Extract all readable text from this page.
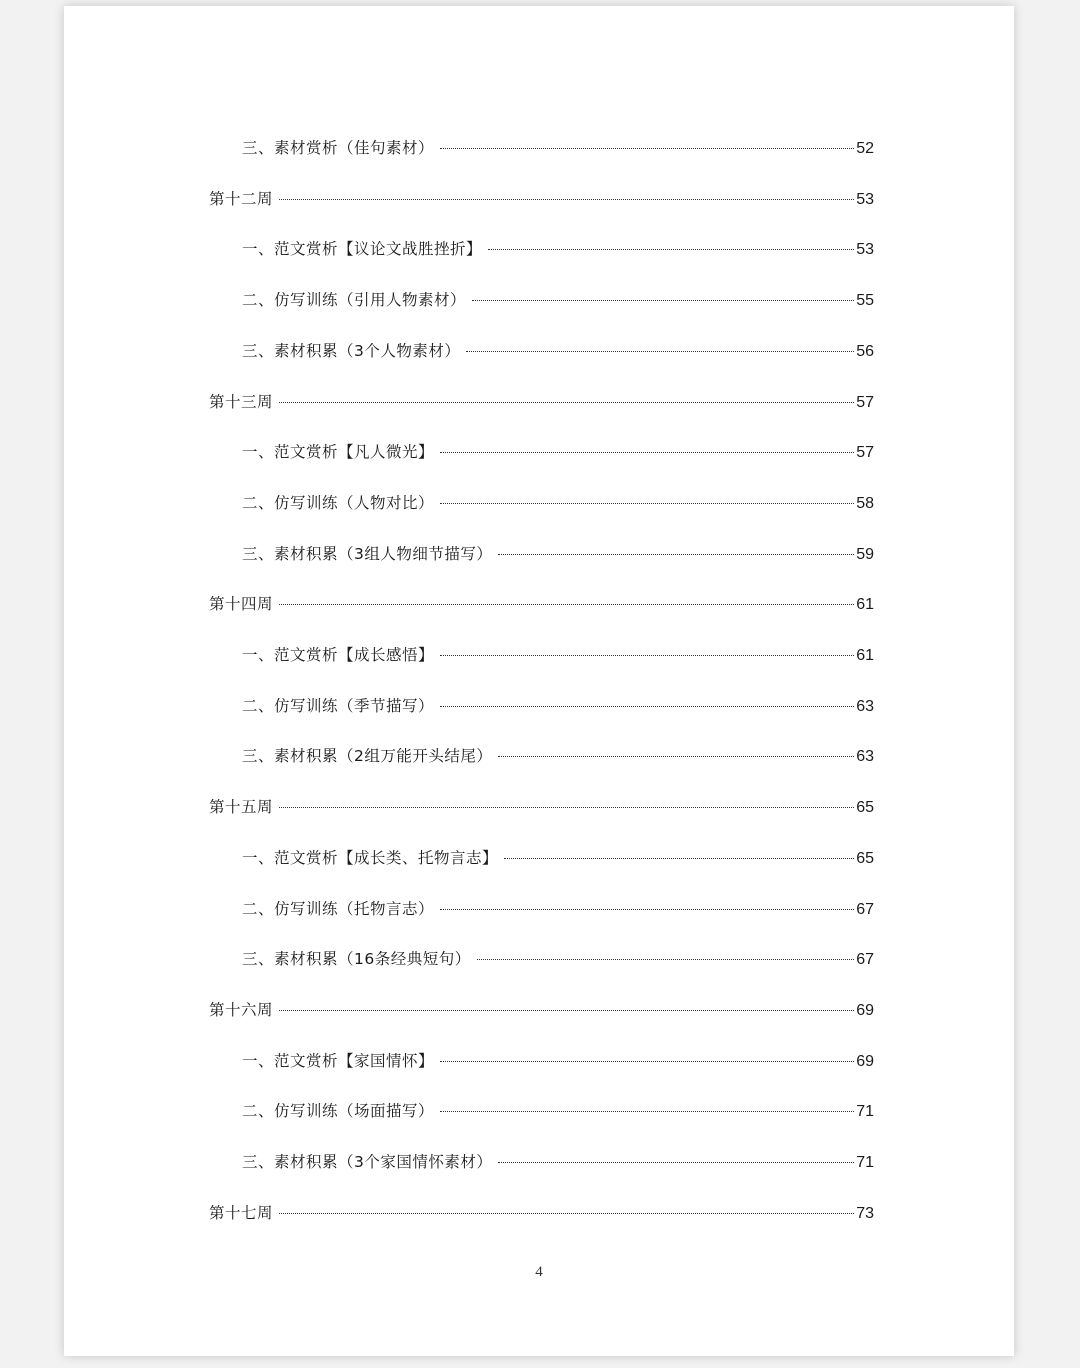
三、素材赏析（佳句素材）	52
第十二周	53
一、范文赏析【议论文战胜挫折】	53
二、仿写训练（引用人物素材）	55
三、素材积累（3个人物素材）	56
第十三周	57
一、范文赏析【凡人微光】	57
二、仿写训练（人物对比）	58
三、素材积累（3组人物细节描写）	59
第十四周	61
一、范文赏析【成长感悟】	61
二、仿写训练（季节描写）	63
三、素材积累（2组万能开头结尾）	63
第十五周	65
一、范文赏析【成长类、托物言志】	65
二、仿写训练（托物言志）	67
三、素材积累（16条经典短句）	67
第十六周	69
一、范文赏析【家国情怀】	69
二、仿写训练（场面描写）	71
三、素材积累（3个家国情怀素材）	71
第十七周	73
4
